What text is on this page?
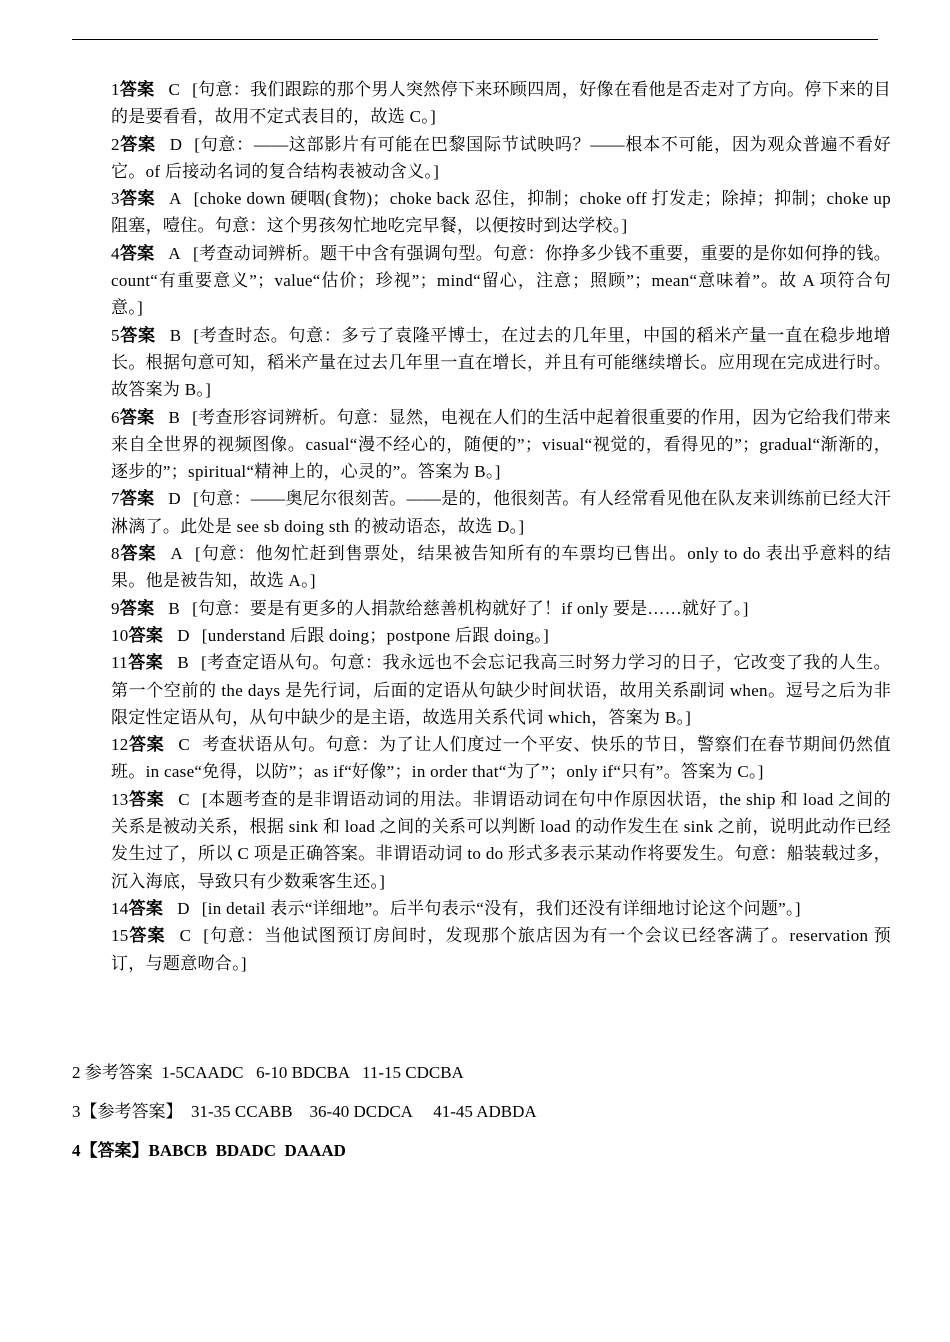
1答案 C [句意：我们跟踪的那个男人突然停下来环顾四周，好像在看他是否走对了方向。停下来的目的是要看看，故用不定式表目的，故选 C。]

2答案 D [句意：——这部影片有可能在巴黎国际节试映吗？——根本不可能，因为观众普遍不看好它。of 后接动名词的复合结构表被动含义。]

3答案 A [choke down 硬咽(食物)；choke back 忍住，抑制；choke off 打发走；除掉；抑制；choke up 阻塞，噎住。句意：这个男孩匆忙地吃完早餐，以便按时到达学校。]

4答案 A [考查动词辨析。题干中含有强调句型。句意：你挣多少钱不重要，重要的是你如何挣的钱。count“有重要意义”；value“估价；珍视”；mind“留心，注意；照顾”；mean“意味着”。故 A 项符合句意。]

5答案 B [考查时态。句意：多亏了袁隆平博士，在过去的几年里，中国的稻米产量一直在稳步地增长。根据句意可知，稻米产量在过去几年里一直在增长，并且有可能继续增长。应用现在完成进行时。故答案为 B。]

6答案 B [考查形容词辨析。句意：显然，电视在人们的生活中起着很重要的作用，因为它给我们带来来自全世界的视频图像。casual“漫不经心的，随便的”；visual“视觉的，看得见的”；gradual“渐渐的，逐步的”；spiritual“精神上的，心灵的”。答案为 B。]

7答案 D [句意：——奥尼尔很刻苦。——是的，他很刻苦。有人经常看见他在队友来训练前已经大汗淋漓了。此处是 see sb doing sth 的被动语态，故选 D。]

8答案 A [句意：他匆忙赶到售票处，结果被告知所有的车票均已售出。only to do 表出乎意料的结果。他是被告知，故选 A。]

9答案 B [句意：要是有更多的人捐款给慈善机构就好了！if only 要是……就好了。]

10答案 D [understand 后跟 doing；postpone 后跟 doing。]

11答案 B [考查定语从句。句意：我永远也不会忘记我高三时努力学习的日子，它改变了我的人生。第一个空前的 the days 是先行词，后面的定语从句缺少时间状语，故用关系副词 when。逗号之后为非限定性定语从句，从句中缺少的是主语，故选用关系代词 which，答案为 B。]

12答案 C 考查状语从句。句意：为了让人们度过一个平安、快乐的节日，警察们在春节期间仍然值班。in case“免得，以防”；as if“好像”；in order that“为了”；only if“只有”。答案为 C。]

13答案 C [本题考查的是非谓语动词的用法。非谓语动词在句中作原因状语，the ship 和 load 之间的关系是被动关系，根据 sink 和 load 之间的关系可以判断 load 的动作发生在 sink 之前，说明此动作已经发生过了，所以 C 项是正确答案。非谓语动词 to do 形式多表示某动作将要发生。句意：船装载过多，沉入海底，导致只有少数乘客生还。]

14答案 D [in detail 表示“详细地”。后半句表示“没有，我们还没有详细地讨论这个问题”。]

15答案 C [句意：当他试图预订房间时，发现那个旅店因为有一个会议已经客满了。reservation 预订，与题意吻合。]

2 参考答案  1-5CAADC   6-10 BDCBA   11-15 CDCBA
3【参考答案】  31-35 CCABB    36-40 DCDCA     41-45 ADBDA
4【答案】BABCB  BDADC  DAAAD
